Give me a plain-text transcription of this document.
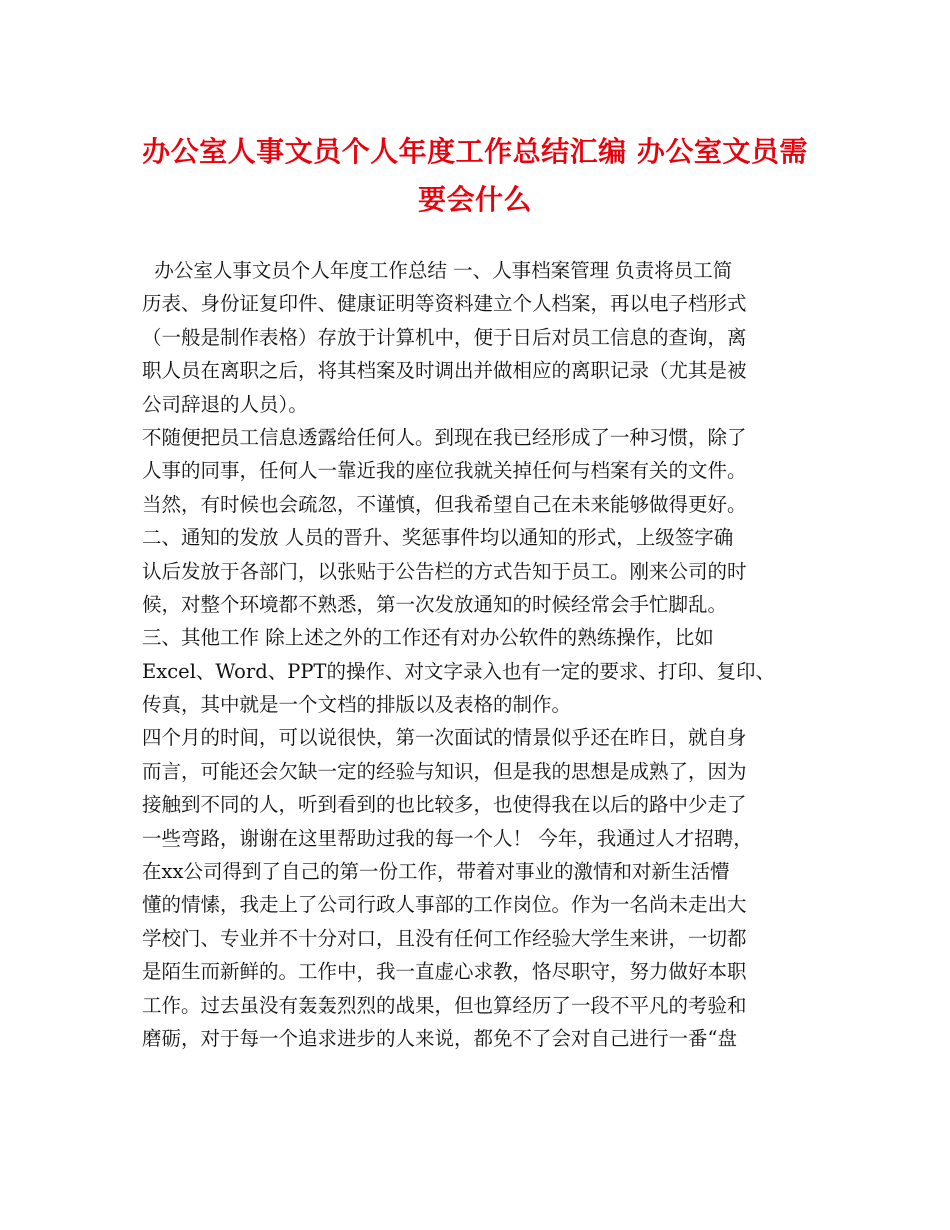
办公室人事文员个人年度工作总结汇编 办公室文员需
要会什么
办公室人事文员个人年度工作总结 一、人事档案管理 负责将员工简
历表、身份证复印件、健康证明等资料建立个人档案，再以电子档形式
（一般是制作表格）存放于计算机中，便于日后对员工信息的查询，离
职人员在离职之后，将其档案及时调出并做相应的离职记录（尤其是被
公司辞退的人员）。
不随便把员工信息透露给任何人。到现在我已经形成了一种习惯，除了
人事的同事，任何人一靠近我的座位我就关掉任何与档案有关的文件。
当然，有时候也会疏忽，不谨慎，但我希望自己在未来能够做得更好。
二、通知的发放 人员的晋升、奖惩事件均以通知的形式，上级签字确
认后发放于各部门，以张贴于公告栏的方式告知于员工。刚来公司的时
候，对整个环境都不熟悉，第一次发放通知的时候经常会手忙脚乱。
三、其他工作 除上述之外的工作还有对办公软件的熟练操作，比如
Excel、Word、PPT的操作、对文字录入也有一定的要求、打印、复印、
传真，其中就是一个文档的排版以及表格的制作。
四个月的时间，可以说很快，第一次面试的情景似乎还在昨日，就自身
而言，可能还会欠缺一定的经验与知识，但是我的思想是成熟了，因为
接触到不同的人，听到看到的也比较多，也使得我在以后的路中少走了
一些弯路，谢谢在这里帮助过我的每一个人！ 今年，我通过人才招聘，
在xx公司得到了自己的第一份工作，带着对事业的激情和对新生活懵
懂的情愫，我走上了公司行政人事部的工作岗位。作为一名尚未走出大
学校门、专业并不十分对口，且没有任何工作经验大学生来讲，一切都
是陌生而新鲜的。工作中，我一直虚心求教，恪尽职守，努力做好本职
工作。过去虽没有轰轰烈烈的战果，但也算经历了一段不平凡的考验和
磨砺，对于每一个追求进步的人来说，都免不了会对自己进行一番“盘
